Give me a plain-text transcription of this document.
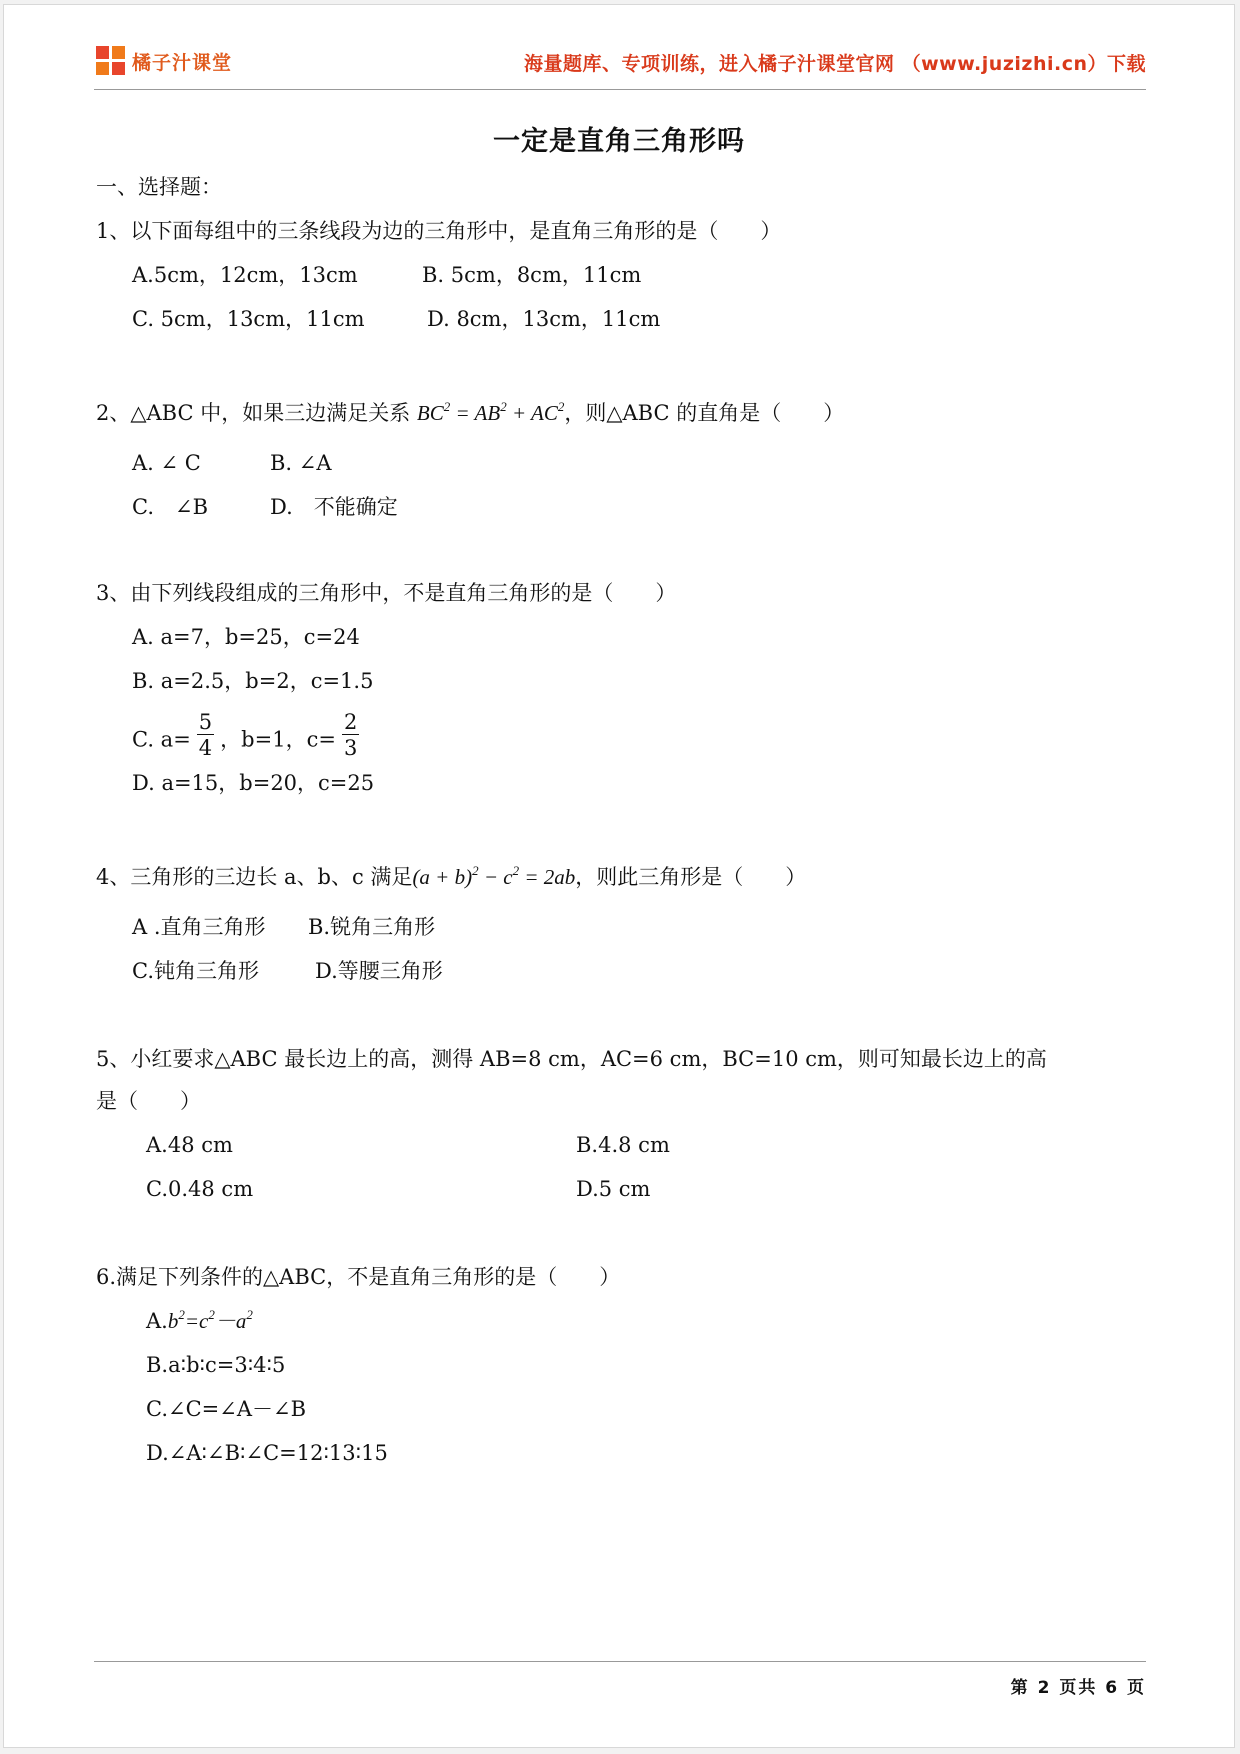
橘子汁课堂	海量题库、专项训练，进入橘子汁课堂官网 （www.juzizhi.cn）下载
一定是直角三角形吗
一、选择题：
1、以下面每组中的三条线段为边的三角形中，是直角三角形的是（　　）
A.5cm，12cm，13cm	B. 5cm，8cm，11cm
C. 5cm，13cm，11cm	D. 8cm，13cm，11cm
2、△ABC 中，如果三边满足关系 $BC^2 = AB^2 + AC^2$，则△ABC 的直角是（　　）
A. ∠ C	B. ∠A
C.　∠B	D.　不能确定
3、由下列线段组成的三角形中，不是直角三角形的是（　　）
A. a=7，b=25，c=24
B. a=2.5，b=2，c=1.5
C. $a= \frac{5}{4}$ ，b=1，$c= \frac{2}{3}$
D. a=15，b=20，c=25
4、三角形的三边长 a、b、c 满足$(a + b)^2 - c^2 = 2ab$，则此三角形是（　　）
A .直角三角形 B.锐角三角形
C.钝角三角形	D.等腰三角形
5、小红要求△ABC 最长边上的高，测得 AB=8 cm，AC=6 cm，BC=10 cm，则可知最长边上的高
是（　　）
A.48 cm	B.4.8 cm
C.0.48 cm	D.5 cm
6.满足下列条件的△ABC，不是直角三角形的是（　　）
$A.b^2=c^2-a^2$
B.a∶b∶c=3∶4∶5
C.∠C=∠A－∠B
D.∠A∶∠B∶∠C=12∶13∶15
第 2 页共 6 页
